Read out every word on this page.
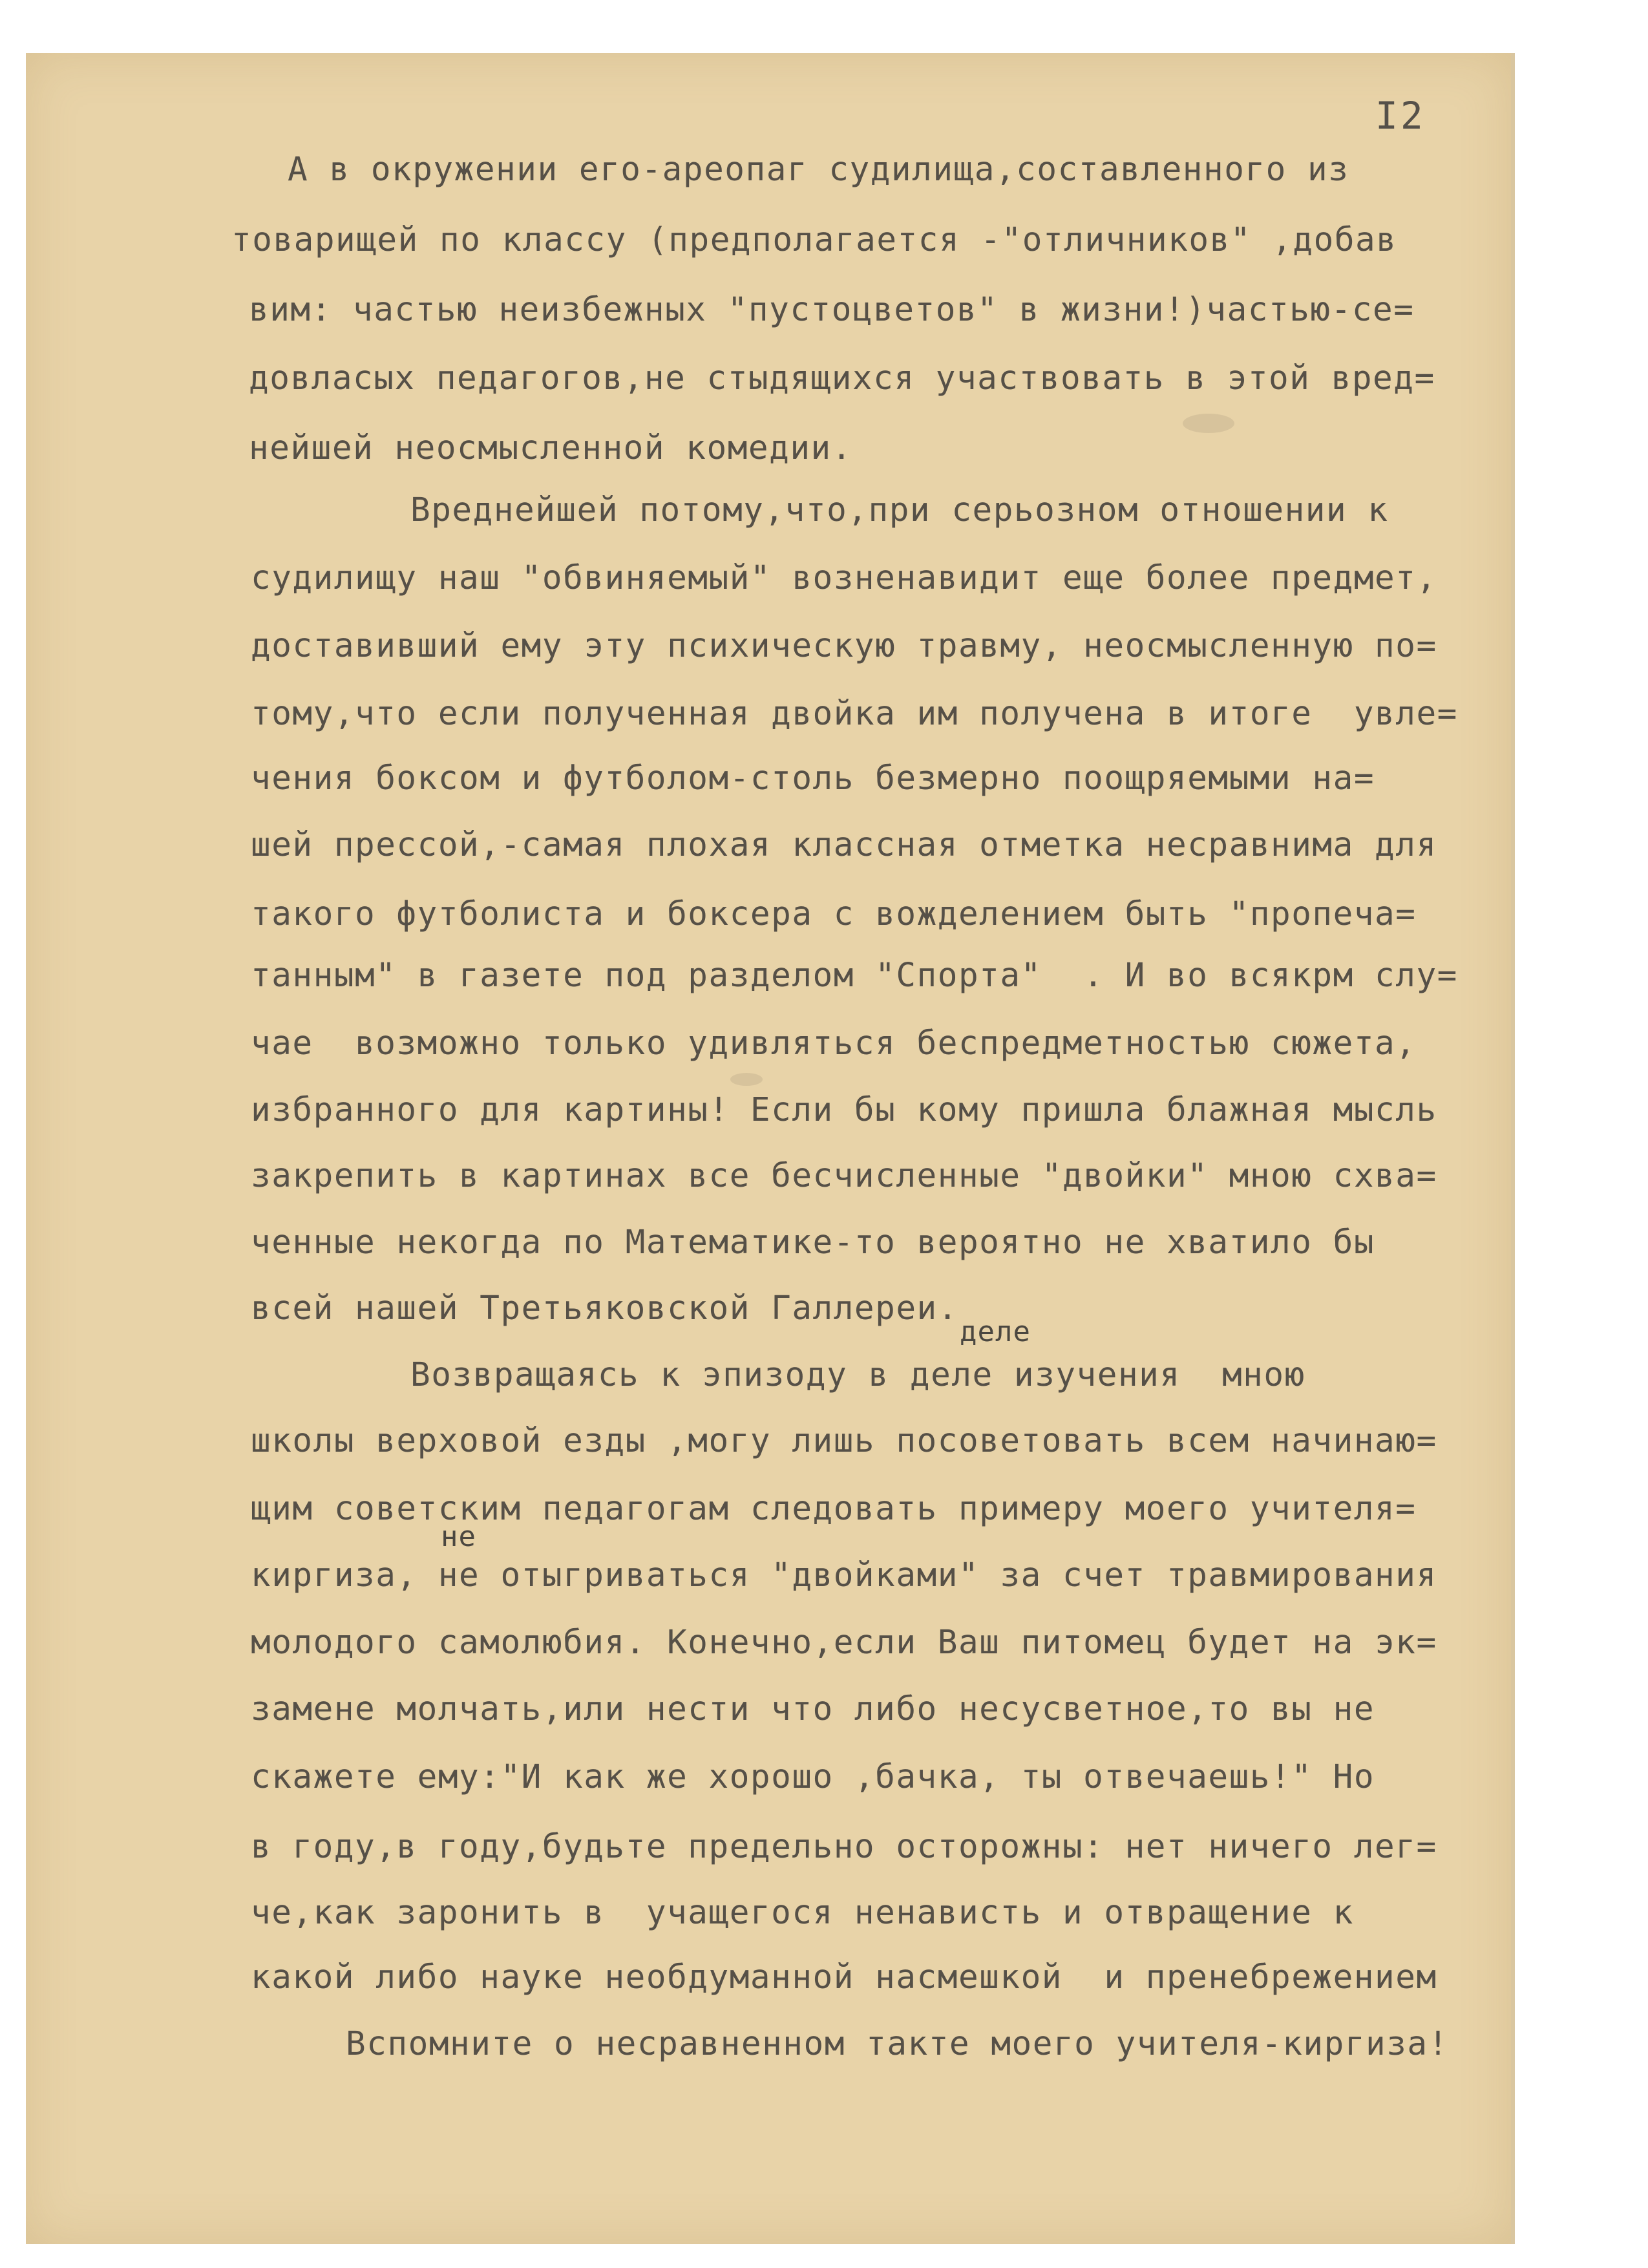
I2
А в окружении его-ареопаг судилища,составленного из
товарищей по классу (предполагается -"отличников" ,добав
вим: частью неизбежных "пустоцветов" в жизни!)частью-се=
довласых педагогов,не стыдящихся участвовать в этой вред=
нейшей неосмысленной комедии.
Вреднейшей потому,что,при серьозном отношении к
судилищу наш "обвиняемый" возненавидит еще более предмет,
доставивший ему эту психическую травму, неосмысленную по=
тому,что если полученная двойка им получена в итоге  увле=
чения боксом и футболом-столь безмерно поощряемыми на=
шей прессой,-самая плохая классная отметка несравнима для
такого футболиста и боксера с вожделением быть "пропеча=
танным" в газете под разделом "Спорта"  . И во всякрм слу=
чае  возможно только удивляться беспредметностью сюжета,
избранного для картины! Если бы кому пришла блажная мысль
закрепить в картинах все бесчисленные "двойки" мною схва=
ченные некогда по Математике-то вероятно не хватило бы
всей нашей Третьяковской Галлереи.
деле
Возвращаясь к эпизоду в деле изучения  мною
школы верховой езды ,могу лишь посоветовать всем начинаю=
щим советским педагогам следовать примеру моего учителя=
не
киргиза, не отыгриваться "двойками" за счет травмирования
молодого самолюбия. Конечно,если Ваш питомец будет на эк=
замене молчать,или нести что либо несусветное,то вы не
скажете ему:"И как же хорошо ,бачка, ты отвечаешь!" Но
в году,в году,будьте предельно осторожны: нет ничего лег=
че,как заронить в  учащегося ненависть и отвращение к
какой либо науке необдуманной насмешкой  и пренебрежением
Вспомните о несравненном такте моего учителя-киргиза!
